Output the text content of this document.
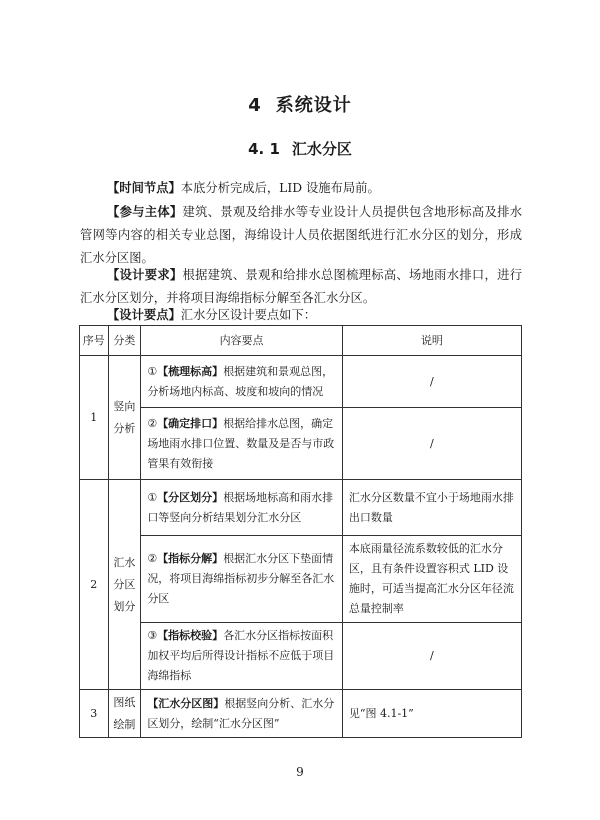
4 系统设计
4. 1 汇水分区

【时间节点】本底分析完成后，LID 设施布局前。

【参与主体】建筑、景观及给排水等专业设计人员提供包含地形标高及排水管网等内容的相关专业总图，海绵设计人员依据图纸进行汇水分区的划分，形成汇水分区图。

【设计要求】根据建筑、景观和给排水总图梳理标高、场地雨水排口，进行汇水分区划分，并将项目海绵指标分解至各汇水分区。

【设计要点】汇水分区设计要点如下：

序号	分类	内容要点	说明
1	竖向分析	①【梳理标高】根据建筑和景观总图，分析场地内标高、坡度和坡向的情况	/
		②【确定排口】根据给排水总图，确定场地雨水排口位置、数量及是否与市政管果有效衔接	/
2	汇水分区划分	①【分区划分】根据场地标高和雨水排口等竖向分析结果划分汇水分区	汇水分区数量不宜小于场地雨水排出口数量
		②【指标分解】根据汇水分区下垫面情况，将项目海绵指标初步分解至各汇水分区	本底雨量径流系数较低的汇水分区，且有条件设置容积式 LID 设施时，可适当提高汇水分区年径流总量控制率
		③【指标校验】各汇水分区指标按面积加权平均后所得设计指标不应低于项目海绵指标	/
3	图纸绘制	【汇水分区图】根据竖向分析、汇水分区划分，绘制“汇水分区图”	见“图 4.1-1”
9
